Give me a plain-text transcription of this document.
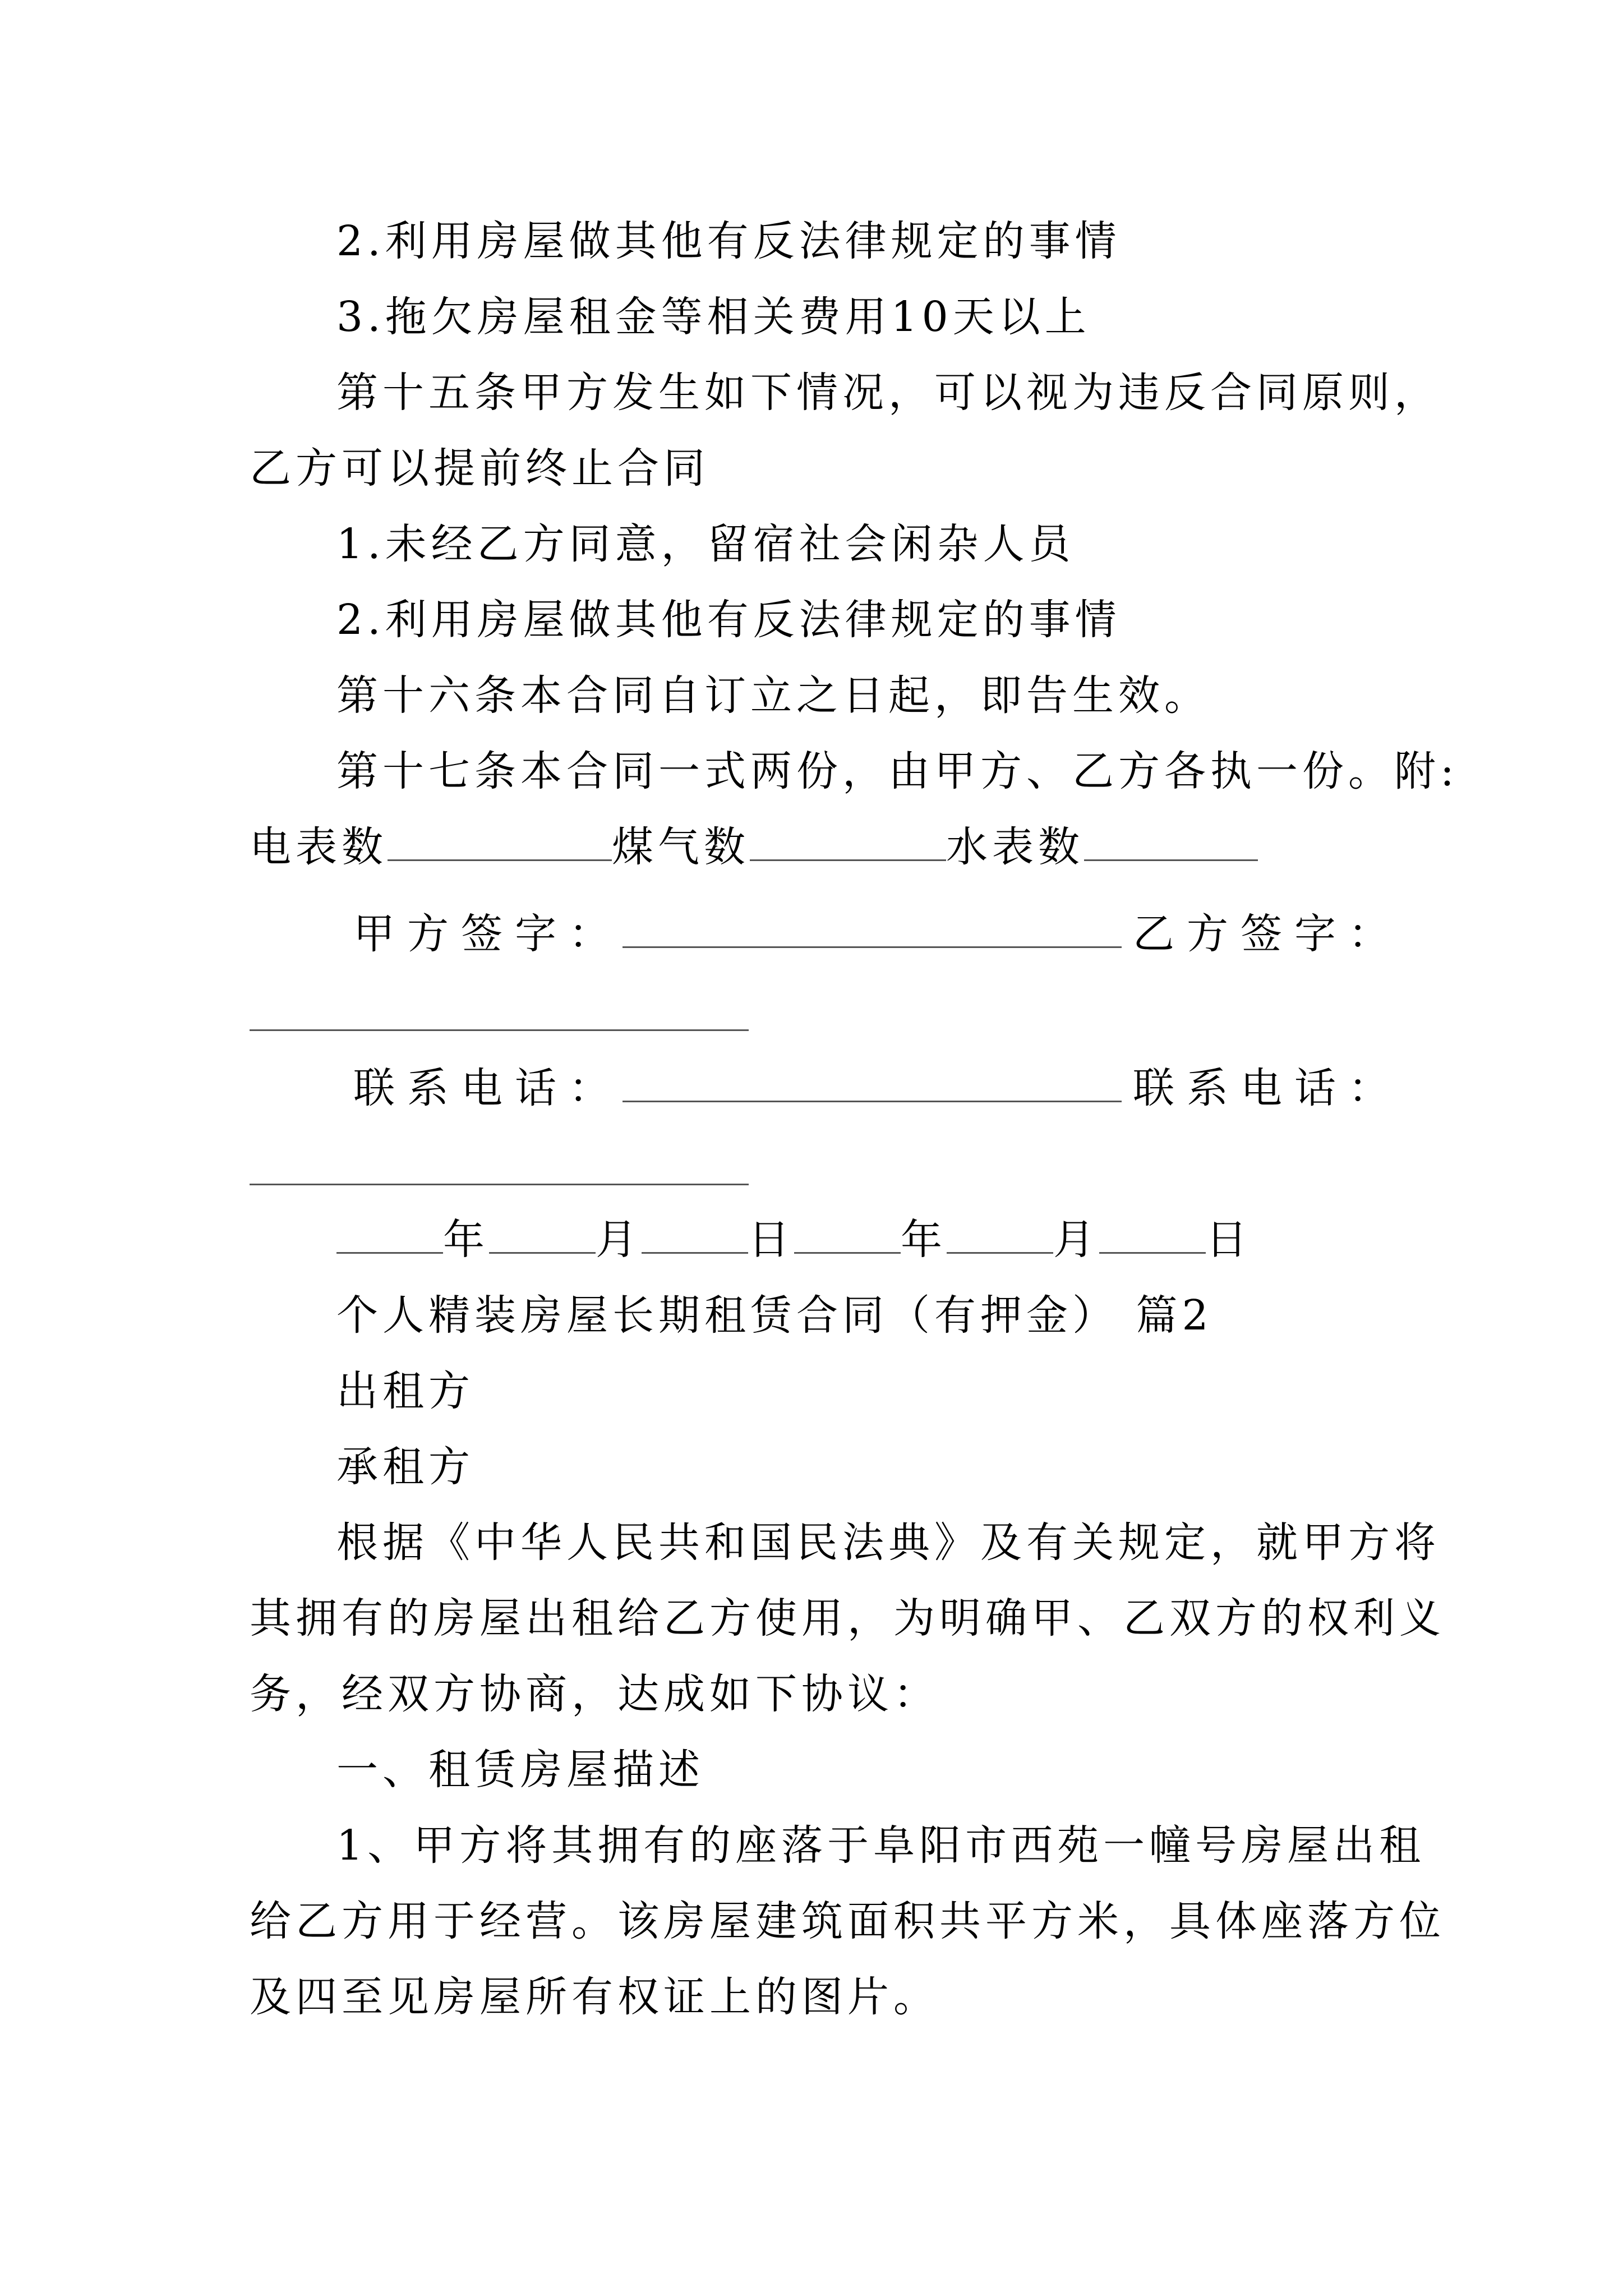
2.利用房屋做其他有反法律规定的事情
3.拖欠房屋租金等相关费用10天以上
第十五条甲方发生如下情况，可以视为违反合同原则，
乙方可以提前终止合同
1.未经乙方同意，留宿社会闲杂人员
2.利用房屋做其他有反法律规定的事情
第十六条本合同自订立之日起，即告生效。
第十七条本合同一式两份，由甲方、乙方各执一份。附:
电表数	煤气数	水表数
甲方签字：	乙方签字：
联系电话：	联系电话：
年	月	日	年	月	日
个人精装房屋长期租赁合同（有押金） 篇2
出租方
承租方
根据《中华人民共和国民法典》及有关规定，就甲方将
其拥有的房屋出租给乙方使用，为明确甲、乙双方的权利义
务，经双方协商，达成如下协议：
一、租赁房屋描述
1、甲方将其拥有的座落于阜阳市西苑一幢号房屋出租
给乙方用于经营。该房屋建筑面积共平方米，具体座落方位
及四至见房屋所有权证上的图片。
